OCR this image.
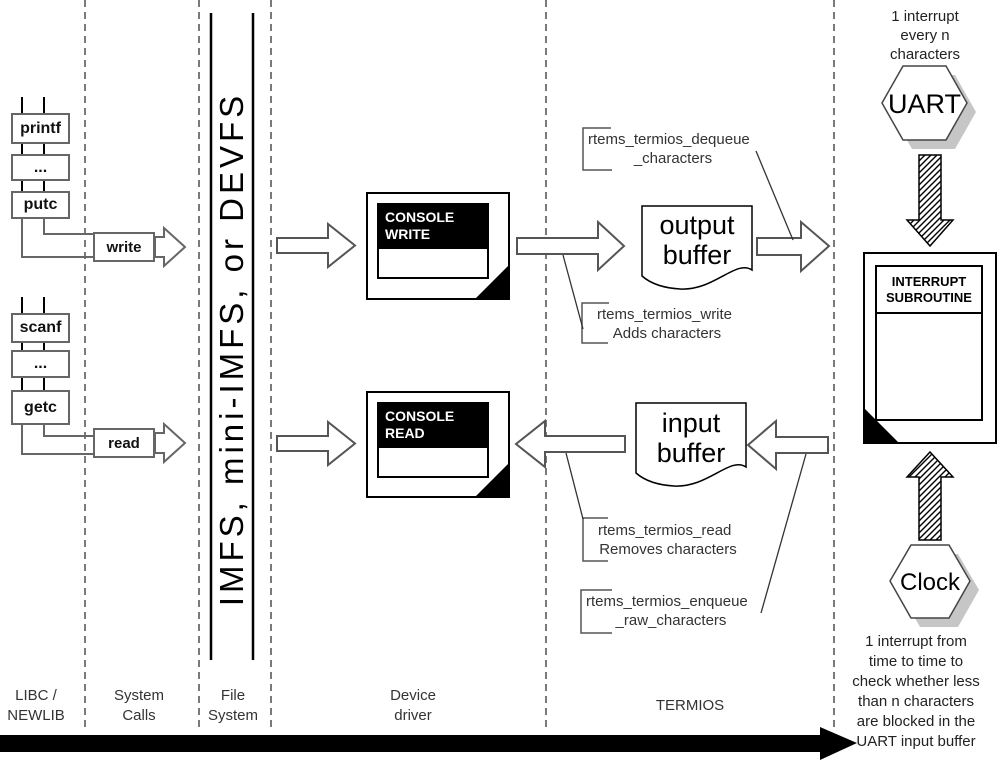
printf
...
putc
scanf
...
getc
write
read IMFS, mini-IMFS, or DEVFS	CONSOLE
WRITE
CONSOLE
READ
output
buffer
input
buffer
rtems_termios_dequeue
_characters
rtems_termios_write
Adds characters
rtems_termios_read
Removes characters
rtems_termios_enqueue
_raw_characters
UART
Clock
INTERRUPT
SUBROUTINE
1 interrupt
every n
characters
1 interrupt from
time to time to
check whether less
than n characters
are blocked in the
UART input buffer
LIBC /
NEWLIB
System
Calls
File
System
Device
driver
TERMIOS
